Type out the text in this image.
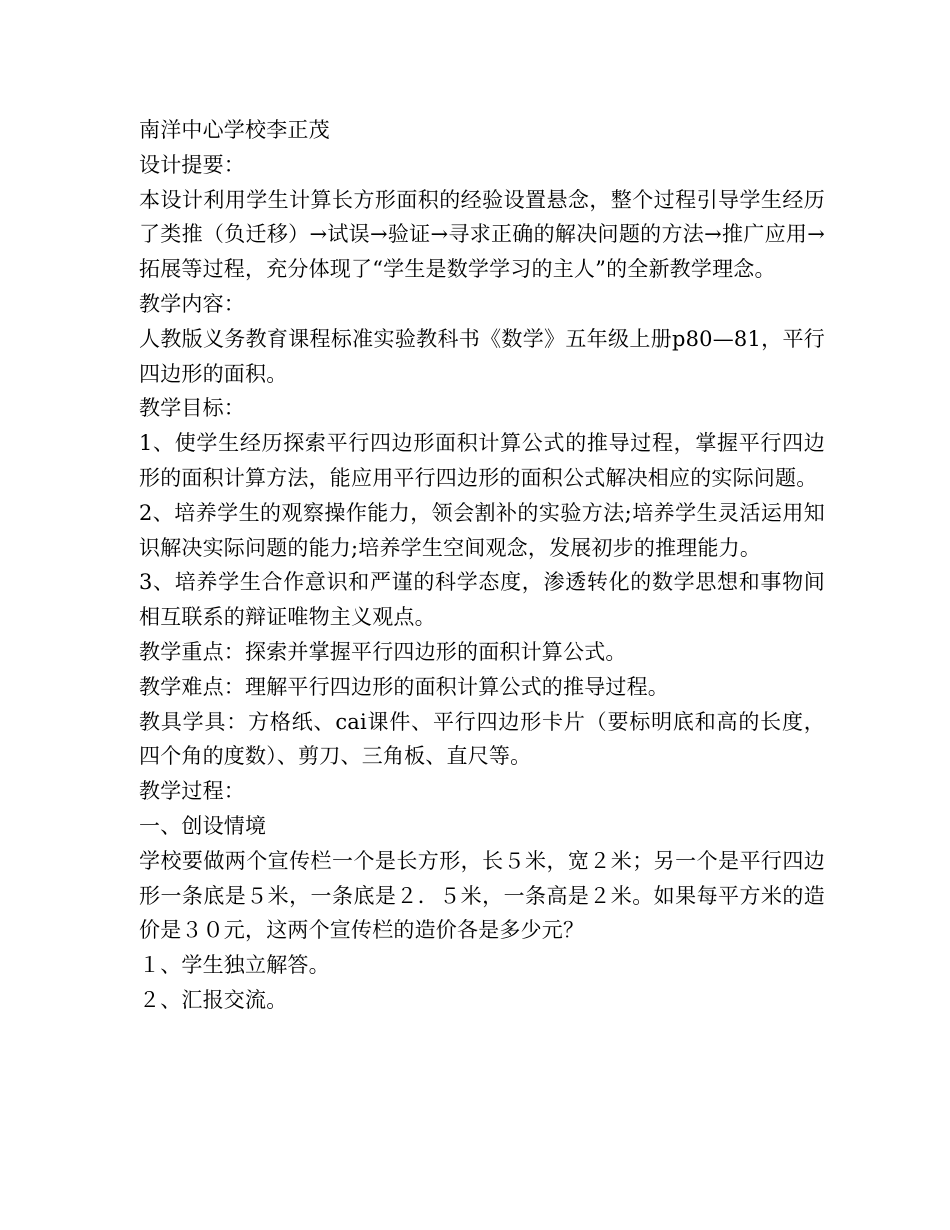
南洋中心学校李正茂

设计提要：

本设计利用学生计算长方形面积的经验设置悬念，整个过程引导学生经历了类推（负迁移）→试误→验证→寻求正确的解决问题的方法→推广应用→拓展等过程，充分体现了“学生是数学学习的主人”的全新教学理念。

教学内容：

人教版义务教育课程标准实验教科书《数学》五年级上册p80—81，平行四边形的面积。

教学目标：

1、使学生经历探索平行四边形面积计算公式的推导过程，掌握平行四边形的面积计算方法，能应用平行四边形的面积公式解决相应的实际问题。

2、培养学生的观察操作能力，领会割补的实验方法;培养学生灵活运用知识解决实际问题的能力;培养学生空间观念，发展初步的推理能力。

3、培养学生合作意识和严谨的科学态度，渗透转化的数学思想和事物间相互联系的辩证唯物主义观点。

教学重点：探索并掌握平行四边形的面积计算公式。

教学难点：理解平行四边形的面积计算公式的推导过程。

教具学具：方格纸、cai课件、平行四边形卡片（要标明底和高的长度，四个角的度数）、剪刀、三角板、直尺等。

教学过程：

一、创设情境

学校要做两个宣传栏一个是长方形，长５米，宽２米；另一个是平行四边形一条底是５米，一条底是２．５米，一条高是２米。如果每平方米的造价是３０元，这两个宣传栏的造价各是多少元？

１、学生独立解答。

２、汇报交流。
